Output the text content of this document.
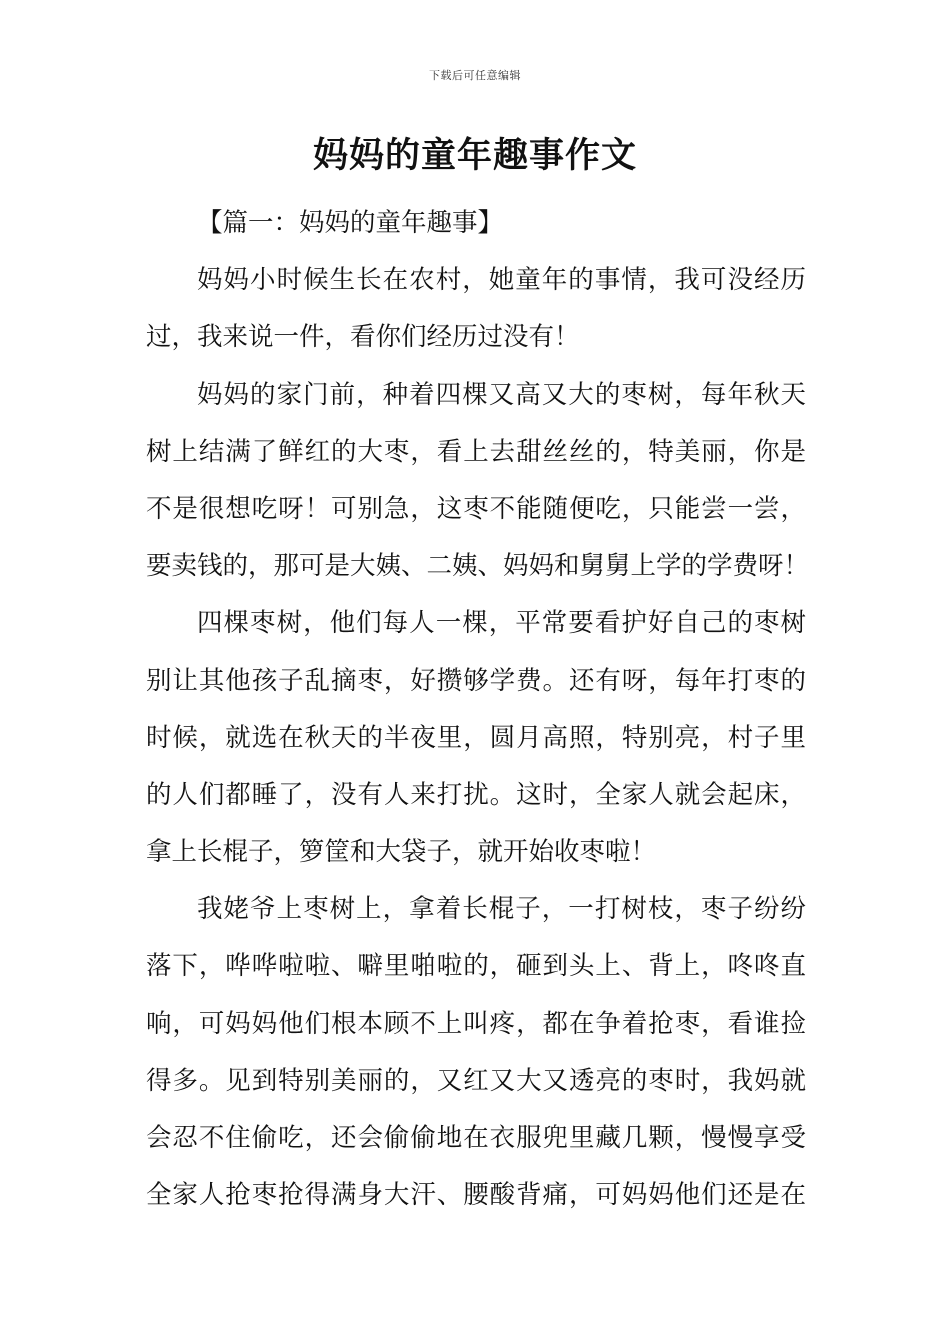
下载后可任意编辑
妈妈的童年趣事作文
【篇一：妈妈的童年趣事】
妈妈小时候生长在农村，她童年的事情，我可没经历
过，我来说一件，看你们经历过没有！
妈妈的家门前，种着四棵又高又大的枣树，每年秋天
树上结满了鲜红的大枣，看上去甜丝丝的，特美丽，你是
不是很想吃呀！可别急，这枣不能随便吃，只能尝一尝，
要卖钱的，那可是大姨、二姨、妈妈和舅舅上学的学费呀！
四棵枣树，他们每人一棵，平常要看护好自己的枣树
别让其他孩子乱摘枣，好攒够学费。还有呀，每年打枣的
时候，就选在秋天的半夜里，圆月高照，特别亮，村子里
的人们都睡了，没有人来打扰。这时，全家人就会起床，
拿上长棍子，箩筐和大袋子，就开始收枣啦！
我姥爷上枣树上，拿着长棍子，一打树枝，枣子纷纷
落下，哗哗啦啦、噼里啪啦的，砸到头上、背上，咚咚直
响，可妈妈他们根本顾不上叫疼，都在争着抢枣，看谁捡
得多。见到特别美丽的，又红又大又透亮的枣时，我妈就
会忍不住偷吃，还会偷偷地在衣服兜里藏几颗，慢慢享受
全家人抢枣抢得满身大汗、腰酸背痛，可妈妈他们还是在
